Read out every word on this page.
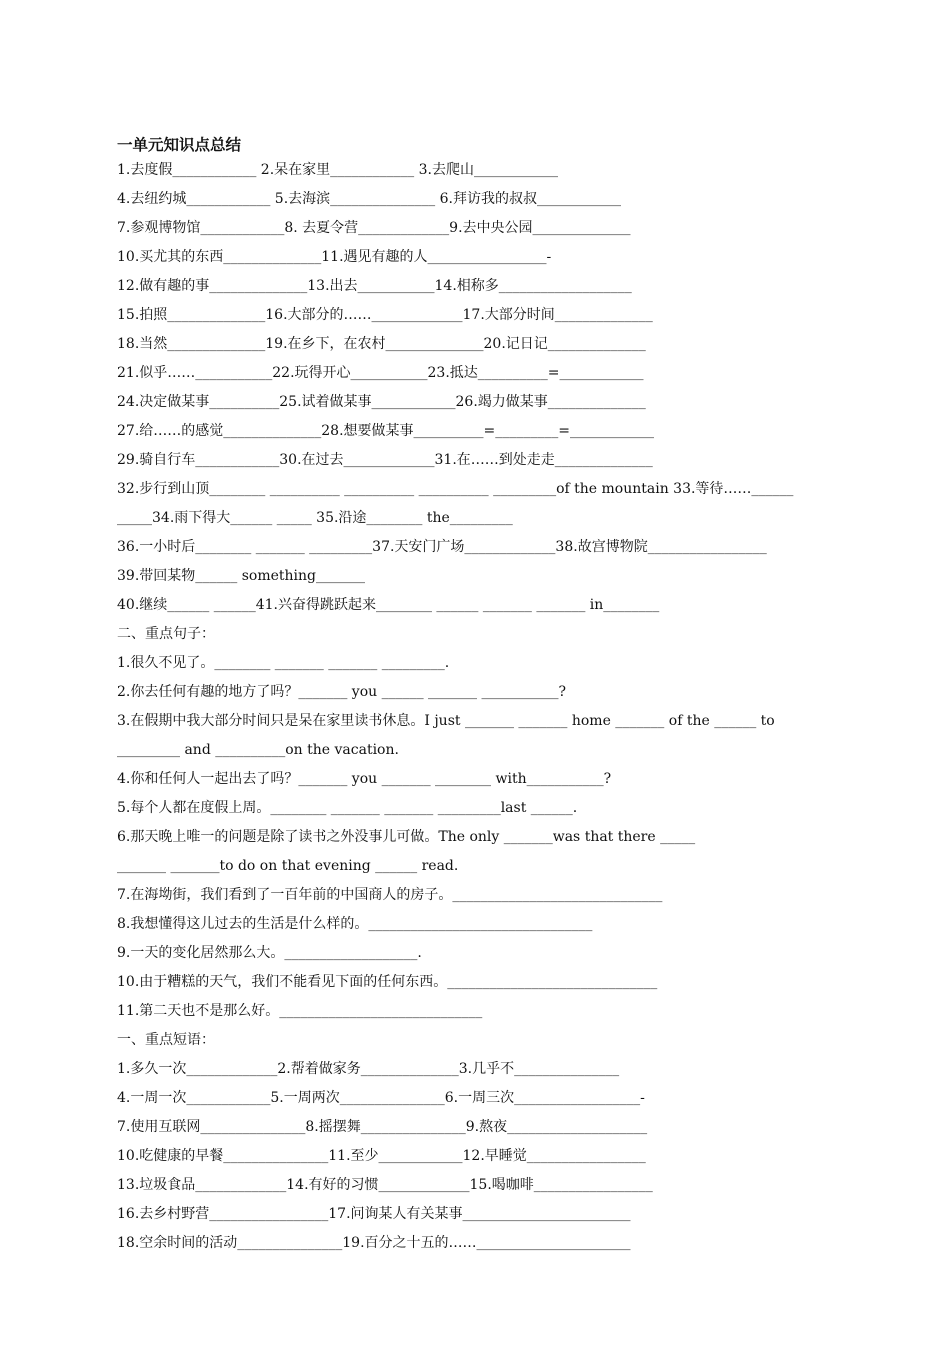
一单元知识点总结
1.去度假____________ 2.呆在家里____________ 3.去爬山____________
4.去纽约城____________ 5.去海滨_______________ 6.拜访我的叔叔____________
7.参观博物馆____________8. 去夏令营_____________9.去中央公园______________
10.买尤其的东西______________11.遇见有趣的人_________________-
12.做有趣的事______________13.出去___________14.相称多___________________
15.拍照______________16.大部分的……_____________17.大部分时间______________
18.当然______________19.在乡下，在农村______________20.记日记______________
21.似乎……___________22.玩得开心___________23.抵达__________=____________
24.决定做某事__________25.试着做某事____________26.竭力做某事______________
27.给……的感觉______________28.想要做某事__________=_________=____________
29.骑自行车____________30.在过去_____________31.在……到处走走______________
32.步行到山顶________ __________ __________ __________ _________of the mountain 33.等待……______
_____34.雨下得大______ _____ 35.沿途________ the_________
36.一小时后________ _______ _________37.天安门广场_____________38.故宫博物院_________________
39.带回某物______ something_______
40.继续______ ______41.兴奋得跳跃起来________ ______ _______ _______ in________
二、重点句子：
1.很久不见了。________ _______ _______ _________.
2.你去任何有趣的地方了吗？_______ you ______ _______ ___________?
3.在假期中我大部分时间只是呆在家里读书休息。I just _______ _______ home _______ of the ______ to
_________ and __________on the vacation.
4.你和任何人一起出去了吗？_______ you _______ ________ with___________?
5.每个人都在度假上周。________ _______ _______ _________last ______.
6.那天晚上唯一的问题是除了读书之外没事儿可做。The only _______was that there _____
_______ _______to do on that evening ______ read.
7.在海坳街，我们看到了一百年前的中国商人的房子。______________________________
8.我想懂得这儿过去的生活是什么样的。________________________________
9.一天的变化居然那么大。___________________.
10.由于糟糕的天气，我们不能看见下面的任何东西。______________________________
11.第二天也不是那么好。_____________________________
一、重点短语：
1.多久一次_____________2.帮着做家务______________3.几乎不_______________
4.一周一次____________5.一周两次_______________6.一周三次__________________-
7.使用互联网_______________8.摇摆舞_______________9.熬夜____________________
10.吃健康的早餐_______________11.至少____________12.早睡觉_________________
13.垃圾食品_____________14.有好的习惯_____________15.喝咖啡_________________
16.去乡村野营_________________17.问询某人有关某事________________________
18.空余时间的活动_______________19.百分之十五的……______________________
